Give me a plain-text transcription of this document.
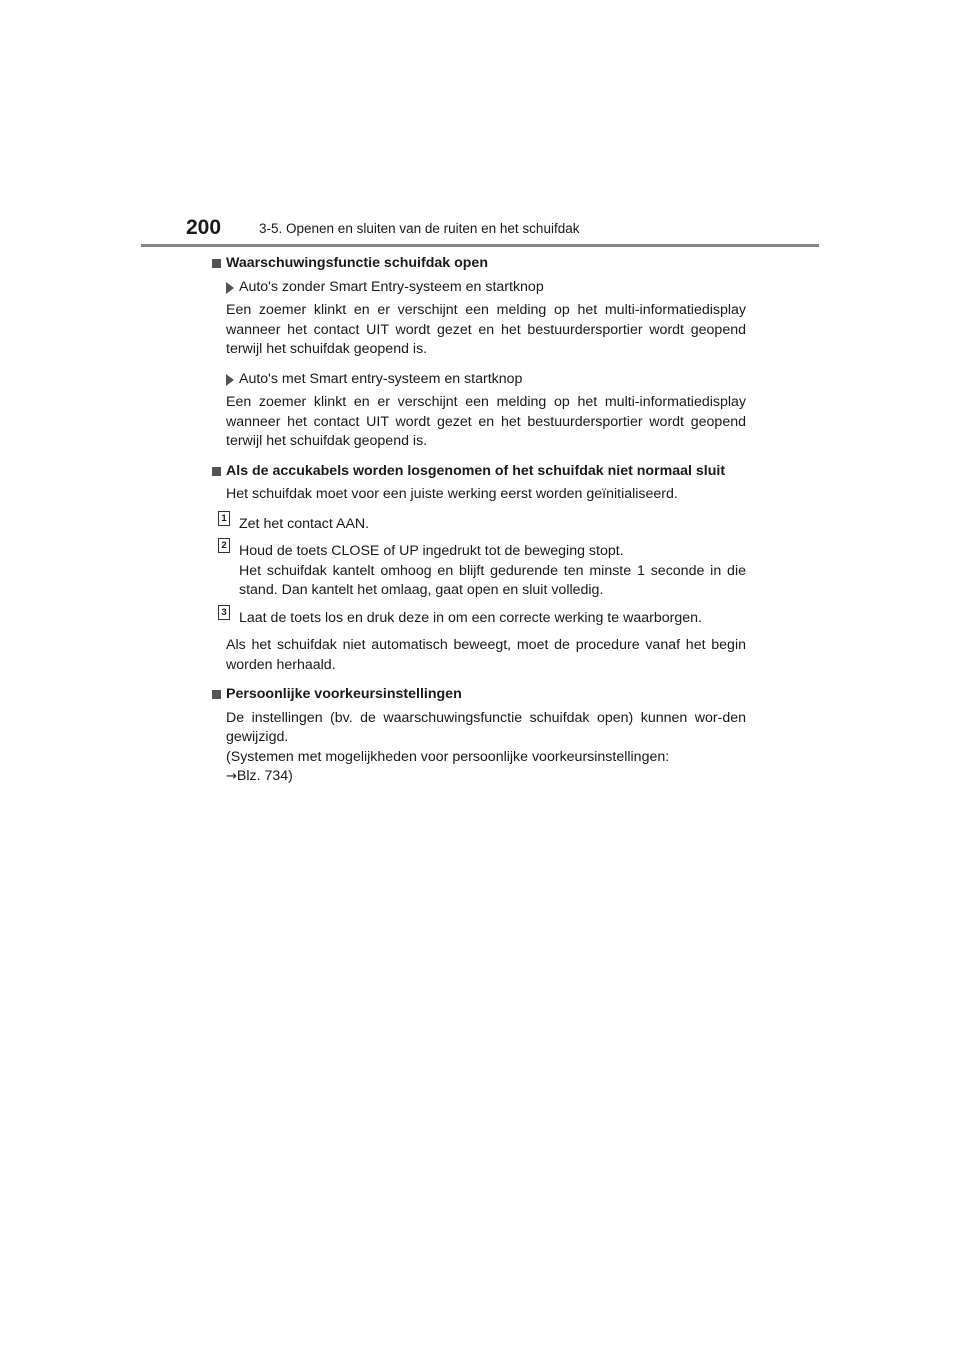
200	3-5. Openen en sluiten van de ruiten en het schuifdak
Waarschuwingsfunctie schuifdak open
Auto's zonder Smart Entry-systeem en startknop
Een zoemer klinkt en er verschijnt een melding op het multi-informatiedisplay wanneer het contact UIT wordt gezet en het bestuurdersportier wordt geopend terwijl het schuifdak geopend is.
Auto's met Smart entry-systeem en startknop
Een zoemer klinkt en er verschijnt een melding op het multi-informatiedisplay wanneer het contact UIT wordt gezet en het bestuurdersportier wordt geopend terwijl het schuifdak geopend is.
Als de accukabels worden losgenomen of het schuifdak niet normaal sluit
Het schuifdak moet voor een juiste werking eerst worden geïnitialiseerd.
1 Zet het contact AAN.
2 Houd de toets CLOSE of UP ingedrukt tot de beweging stopt.
Het schuifdak kantelt omhoog en blijft gedurende ten minste 1 seconde in die stand. Dan kantelt het omlaag, gaat open en sluit volledig.
3 Laat de toets los en druk deze in om een correcte werking te waarborgen.
Als het schuifdak niet automatisch beweegt, moet de procedure vanaf het begin worden herhaald.
Persoonlijke voorkeursinstellingen
De instellingen (bv. de waarschuwingsfunctie schuifdak open) kunnen wor-den gewijzigd.
(Systemen met mogelijkheden voor persoonlijke voorkeursinstellingen:
→Blz. 734)
